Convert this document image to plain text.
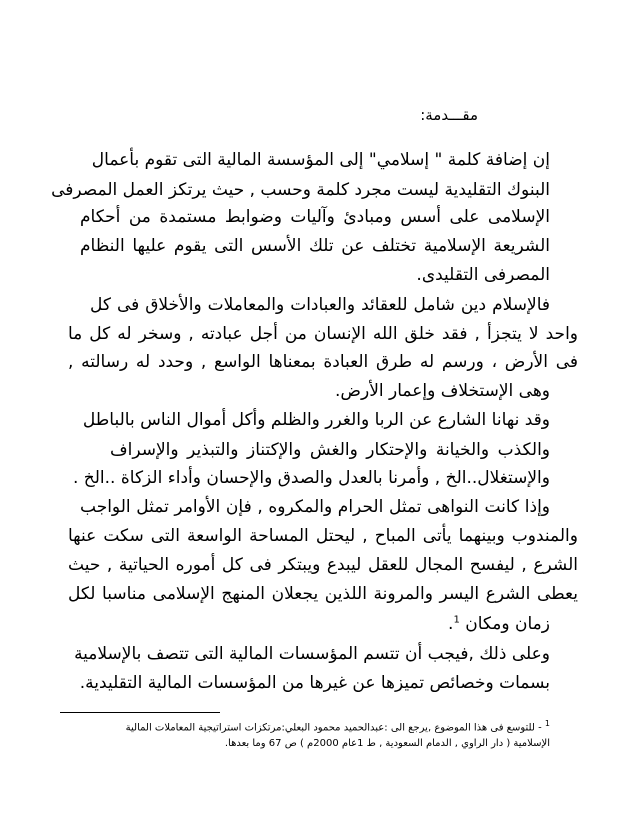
مقـــدمة:
إن إضافة كلمة " إسلامي" إلى المؤسسة المالية التى تقوم بأعمال
البنوك التقليدية ليست مجرد كلمة وحسب , حيث يرتكز العمل المصرفى
الإسلامى على أسس ومبادئ وآليات وضوابط مستمدة من أحكام
الشريعة الإسلامية تختلف عن تلك الأسس التى يقوم عليها النظام
المصرفى التقليدى.
فالإسلام دين شامل للعقائد والعبادات والمعاملات والأخلاق فى كل
واحد لا يتجزأ , فقد خلق الله الإنسان من أجل عبادته , وسخر له كل ما
فى الأرض ، ورسم له طرق العبادة بمعناها الواسع , وحدد له رسالته ,
وهى الإستخلاف وإعمار الأرض.
وقد نهانا الشارع عن الربا والغرر والظلم وأكل أموال الناس بالباطل
والكذب والخيانة والإحتكار والغش والإكتناز والتبذير والإسراف
والإستغلال..الخ , وأمرنا بالعدل والصدق والإحسان وأداء الزكاة ..الخ .
وإذا كانت النواهى تمثل الحرام والمكروه , فإن الأوامر تمثل الواجب
والمندوب وبينهما يأتى المباح , ليحتل المساحة الواسعة التى سكت عنها
الشرع , ليفسح المجال للعقل ليبدع ويبتكر فى كل أموره الحياتية , حيث
يعطى الشرع اليسر والمرونة اللذين يجعلان المنهج الإسلامى مناسبا لكل
زمان ومكان $^1$.
وعلى ذلك ,فيجب أن تتسم المؤسسات المالية التى تتصف بالإسلامية
بسمات وخصائص تميزها عن غيرها من المؤسسات المالية التقليدية.
$^1$ - للتوسع فى هذا الموضوع ,يرجع الى :عبدالحميد محمود البعلي:مرتكزات استراتيجية المعاملات المالية
الإسلامية ( دار الراوي , الدمام السعودية , ط 1عام 2000م ) ص 67 وما بعدها.
